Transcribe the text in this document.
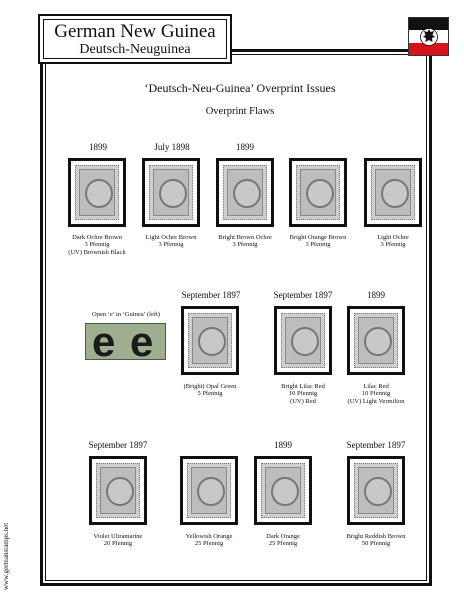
German New Guinea
Deutsch-Neuguinea
‘Deutsch-Neu-Guinea’ Overprint Issues
Overprint Flaws
1899	July 1898	1899
Dark Ochre Brown
3 Pfennig
(UV) Brownish Black
Light Ochre Brown
3 Pfennig
Bright Brown Ochre
3 Pfennig
Bright Orange Brown
3 Pfennig
Light Ochre
3 Pfennig
Open ‘e’ in ‘Guinea’ (left)
e e
September 1897	September 1897	1899
(Bright) Opal Green
5 Pfennig
Bright Lilac Red
10 Pfennig
(UV) Red
Lilac Red
10 Pfennig
(UV) Light Vermilion
September 1897	1899	September 1897
Violet Ultramarine
20 Pfennig
Yellowish Orange
25 Pfennig
Dark Orange
25 Pfennig
Bright Reddish Brown
50 Pfennig
www.germanstamps.net
